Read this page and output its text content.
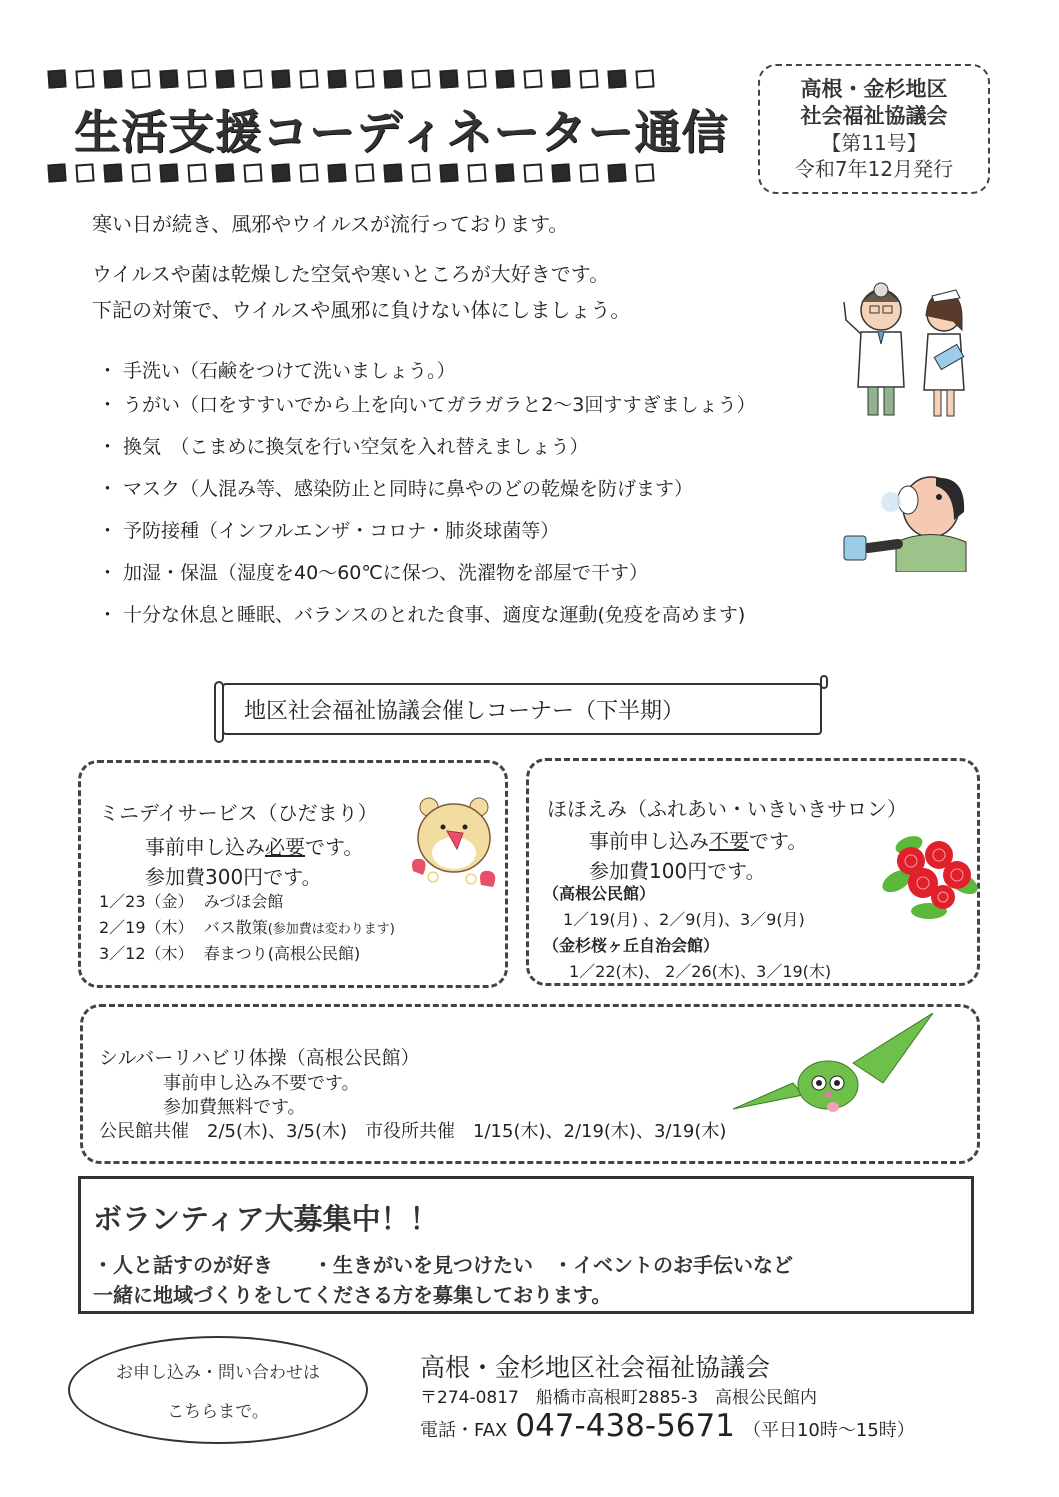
生活支援コーディネーター通信
高根・金杉地区
社会福祉協議会
【第11号】
令和7年12月発行

寒い日が続き、風邪やウイルスが流行っております。

ウイルスや菌は乾燥した空気や寒いところが大好きです。

下記の対策で、ウイルスや風邪に負けない体にしましょう。

・ 手洗い（石鹸をつけて洗いましょう。）
・ うがい（口をすすいでから上を向いてガラガラと2～3回すすぎましょう）
・ 換気　（こまめに換気を行い空気を入れ替えましょう）
・ マスク（人混み等、感染防止と同時に鼻やのどの乾燥を防げます）
・ 予防接種（インフルエンザ・コロナ・肺炎球菌等）
・ 加湿・保温（湿度を40～60℃に保つ、洗濯物を部屋で干す）
・ 十分な休息と睡眠、バランスのとれた食事、適度な運動(免疫を高めます)
地区社会福祉協議会催しコーナー（下半期）
ミニデイサービス（ひだまり）
事前申し込み必要です。
参加費300円です。
1／23（金） みづほ会館
2／19（木） バス散策(参加費は変わります)
3／12（木） 春まつり(高根公民館)
ほほえみ（ふれあい・いきいきサロン）
事前申し込み不要です。
参加費100円です。
（高根公民館）
1／19(月) 、2／9(月)、3／9(月)
（金杉桜ヶ丘自治会館）
1／22(木)、 2／26(木)、3／19(木)
シルバーリハビリ体操（高根公民館）
事前申し込み不要です。
参加費無料です。
公民館共催　2/5(木)、3/5(木)　市役所共催　1/15(木)、2/19(木)、3/19(木)
ボランティア大募集中！！
・人と話すのが好き　　・生きがいを見つけたい　・イベントのお手伝いなど
一緒に地域づくりをしてくださる方を募集しております。
お申し込み・問い合わせは
こちらまで。
高根・金杉地区社会福祉協議会
〒274-0817　船橋市高根町2885-3　高根公民館内
電話・FAX 047-438-5671 （平日10時～15時）
